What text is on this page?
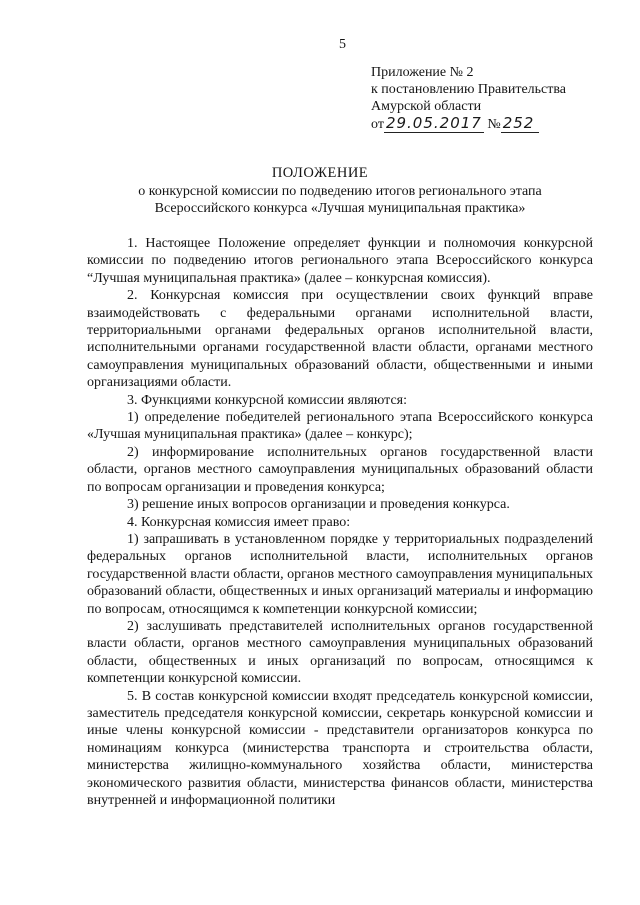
5
Приложение № 2
к постановлению Правительства
Амурской области
от 29.05.2017 № 252
ПОЛОЖЕНИЕ
о конкурсной комиссии по подведению итогов регионального этапа Всероссийского конкурса «Лучшая муниципальная практика»

1. Настоящее Положение определяет функции и полномочия конкурсной комиссии по подведению итогов регионального этапа Всероссийского конкурса “Лучшая муниципальная практика» (далее – конкурсная комиссия).

2. Конкурсная комиссия при осуществлении своих функций вправе взаимодействовать с федеральными органами исполнительной власти, территориальными органами федеральных органов исполнительной власти, исполнительными органами государственной власти области, органами местного самоуправления муниципальных образований области, общественными и иными организациями области.

3. Функциями конкурсной комиссии являются:

1) определение победителей регионального этапа Всероссийского конкурса «Лучшая муниципальная практика» (далее – конкурс);

2) информирование исполнительных органов государственной власти области, органов местного самоуправления муниципальных образований области по вопросам организации и проведения конкурса;

3) решение иных вопросов организации и проведения конкурса.

4. Конкурсная комиссия имеет право:

1) запрашивать в установленном порядке у территориальных подразделений федеральных органов исполнительной власти, исполнительных органов государственной власти области, органов местного самоуправления муниципальных образований области, общественных и иных организаций материалы и информацию по вопросам, относящимся к компетенции конкурсной комиссии;

2) заслушивать представителей исполнительных органов государственной власти области, органов местного самоуправления муниципальных образований области, общественных и иных организаций по вопросам, относящимся к компетенции конкурсной комиссии.

5. В состав конкурсной комиссии входят председатель конкурсной комиссии, заместитель председателя конкурсной комиссии, секретарь конкурсной комиссии и иные члены конкурсной комиссии - представители организаторов конкурса по номинациям конкурса (министерства транспорта и строительства области, министерства жилищно-коммунального хозяйства области, министерства экономического развития области, министерства финансов области, министерства внутренней и информационной политики
